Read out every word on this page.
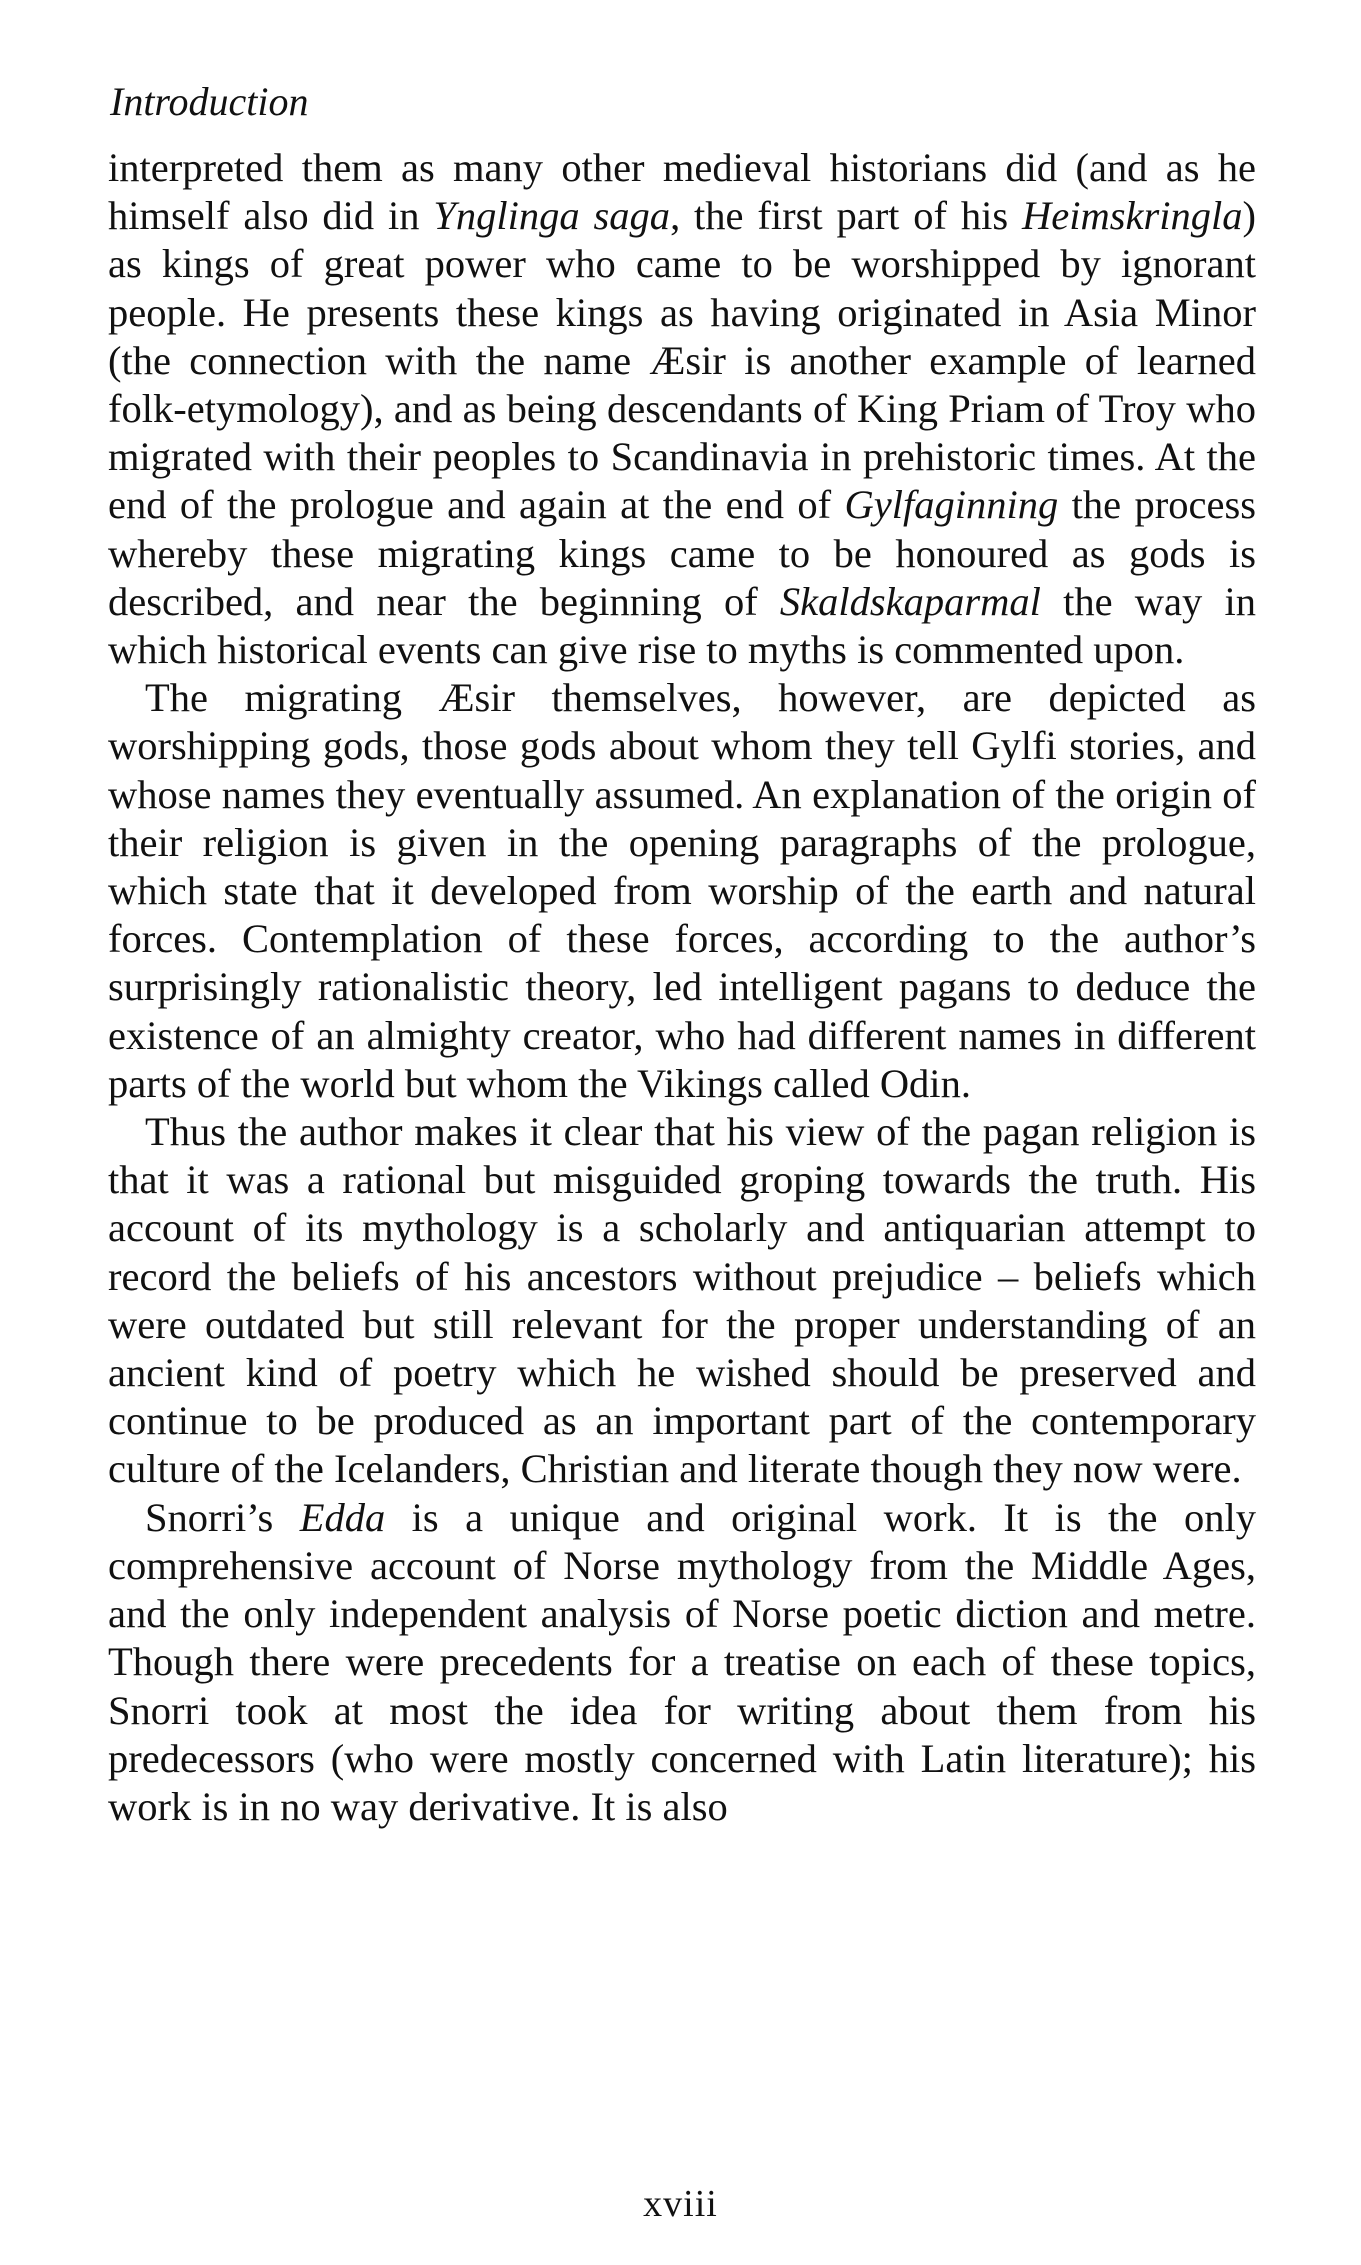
Introduction

interpreted them as many other medieval historians did (and as he himself also did in Ynglinga saga, the first part of his Heimskringla) as kings of great power who came to be worshipped by ignorant people. He presents these kings as having originated in Asia Minor (the connection with the name Æsir is another example of learned folk-etymology), and as being descendants of King Priam of Troy who migrated with their peoples to Scandinavia in prehistoric times. At the end of the prologue and again at the end of Gylfaginning the process whereby these migrating kings came to be honoured as gods is described, and near the beginning of Skaldskaparmal the way in which historical events can give rise to myths is commented upon.

The migrating Æsir themselves, however, are depicted as worshipping gods, those gods about whom they tell Gylfi stories, and whose names they eventually assumed. An explanation of the origin of their religion is given in the opening paragraphs of the prologue, which state that it developed from worship of the earth and natural forces. Contemplation of these forces, according to the author’s surprisingly rationalistic theory, led intelligent pagans to deduce the existence of an almighty creator, who had different names in different parts of the world but whom the Vikings called Odin.

Thus the author makes it clear that his view of the pagan religion is that it was a rational but misguided groping towards the truth. His account of its mythology is a scholarly and antiquarian attempt to record the beliefs of his ancestors without prejudice – beliefs which were outdated but still relevant for the proper understanding of an ancient kind of poetry which he wished should be preserved and continue to be produced as an important part of the contemporary culture of the Icelanders, Christian and literate though they now were.

Snorri’s Edda is a unique and original work. It is the only comprehensive account of Norse mythology from the Middle Ages, and the only independent analysis of Norse poetic diction and metre. Though there were precedents for a treatise on each of these topics, Snorri took at most the idea for writing about them from his predecessors (who were mostly concerned with Latin literature); his work is in no way derivative. It is also

xviii
